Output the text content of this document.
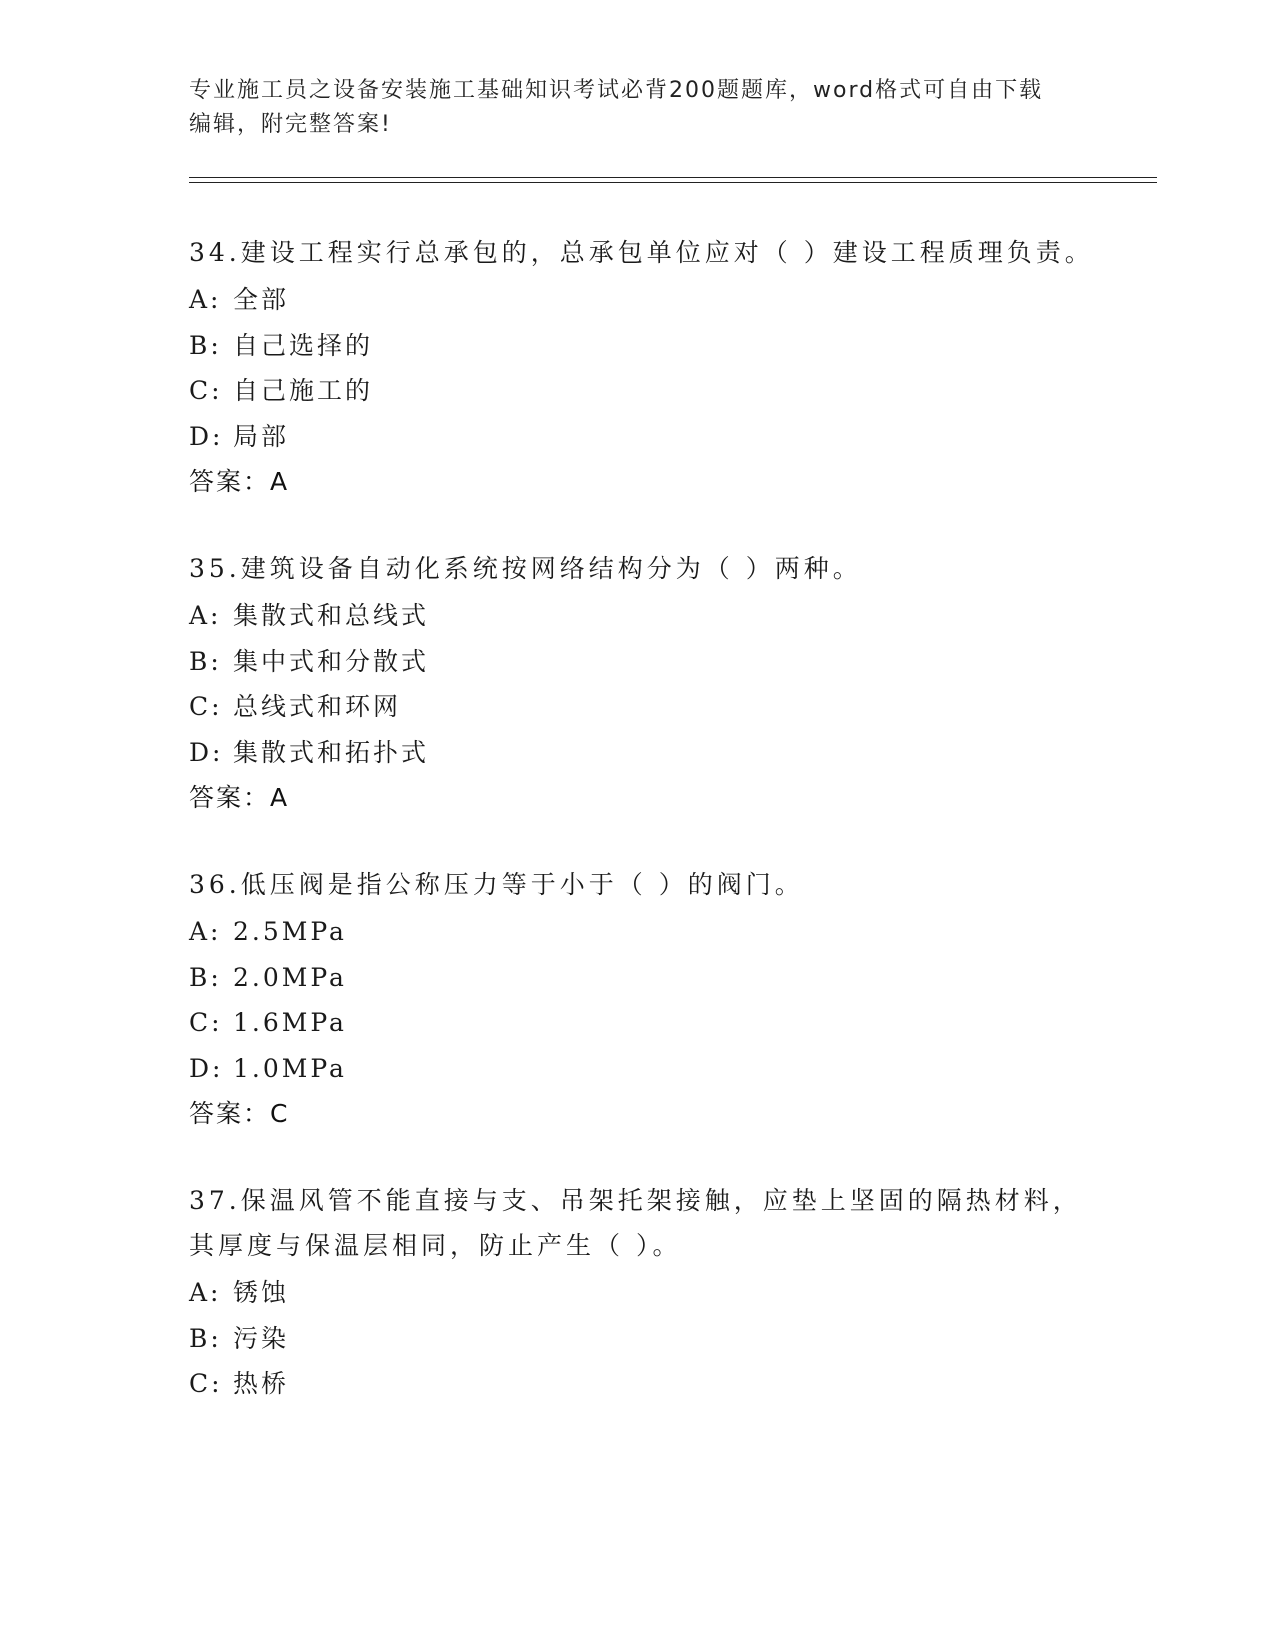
专业施工员之设备安装施工基础知识考试必背200题题库，word格式可自由下载
编辑，附完整答案!

34.建设工程实行总承包的，总承包单位应对（ ）建设工程质理负责。

A: 全部

B: 自己选择的

C: 自己施工的

D: 局部

答案：A

35.建筑设备自动化系统按网络结构分为（ ）两种。

A: 集散式和总线式

B: 集中式和分散式

C: 总线式和环网

D: 集散式和拓扑式

答案：A

36.低压阀是指公称压力等于小于（ ）的阀门。

A: 2.5MPa

B: 2.0MPa

C: 1.6MPa

D: 1.0MPa

答案：C

37.保温风管不能直接与支、吊架托架接触，应垫上坚固的隔热材料，其厚度与保温层相同，防止产生（ ）。

A: 锈蚀

B: 污染

C: 热桥
